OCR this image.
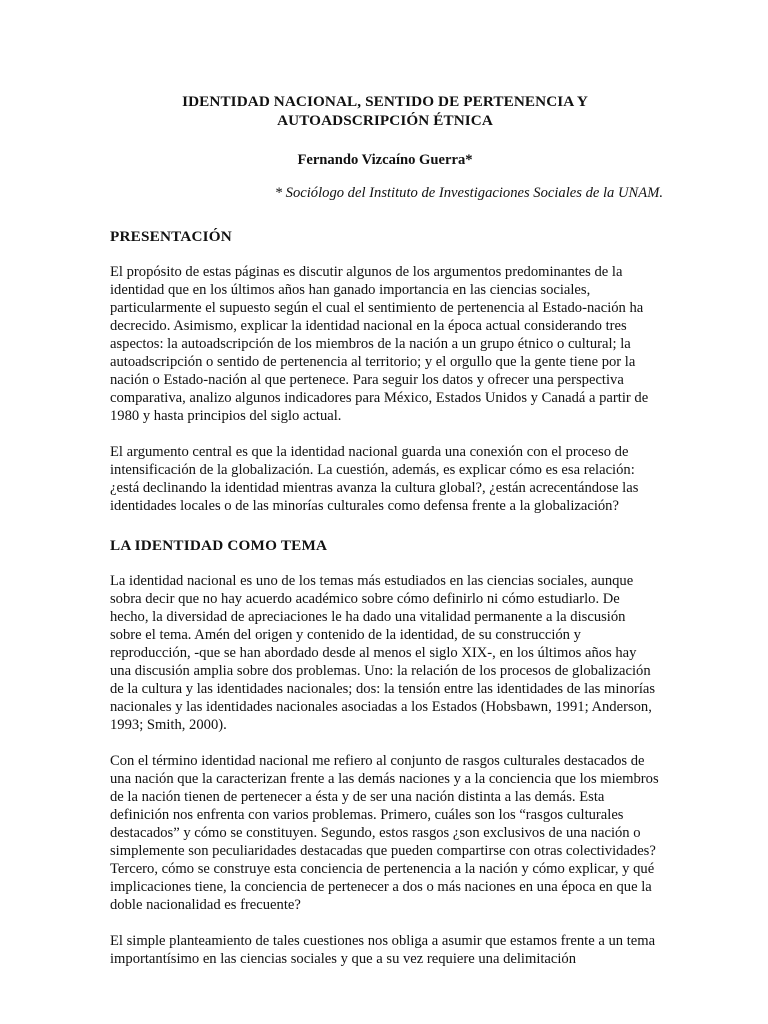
IDENTIDAD NACIONAL, SENTIDO DE PERTENENCIA Y
AUTOADSCRIPCIÓN ÉTNICA
Fernando Vizcaíno Guerra*
* Sociólogo del Instituto de Investigaciones Sociales de la UNAM.
PRESENTACIÓN

El propósito de estas páginas es discutir algunos de los argumentos predominantes de la identidad que en los últimos años han ganado importancia en las ciencias sociales, particularmente el supuesto según el cual el sentimiento de pertenencia al Estado-nación ha decrecido. Asimismo, explicar la identidad nacional en la época actual considerando tres aspectos: la autoadscripción de los miembros de la nación a un grupo étnico o cultural; la autoadscripción o sentido de pertenencia al territorio; y el orgullo que la gente tiene por la nación o Estado-nación al que pertenece. Para seguir los datos y ofrecer una perspectiva comparativa, analizo algunos indicadores para México, Estados Unidos y Canadá a partir de 1980 y hasta principios del siglo actual.

El argumento central es que la identidad nacional guarda una conexión con el proceso de intensificación de la globalización. La cuestión, además, es explicar cómo es esa relación: ¿está declinando la identidad mientras avanza la cultura global?, ¿están acrecentándose las identidades locales o de las minorías culturales como defensa frente a la globalización?

LA IDENTIDAD COMO TEMA

La identidad nacional es uno de los temas más estudiados en las ciencias sociales, aunque sobra decir que no hay acuerdo académico sobre cómo definirlo ni cómo estudiarlo. De hecho, la diversidad de apreciaciones le ha dado una vitalidad permanente a la discusión sobre el tema. Amén del origen y contenido de la identidad, de su construcción y reproducción, -que se han abordado desde al menos el siglo XIX-, en los últimos años hay una discusión amplia sobre dos problemas. Uno: la relación de los procesos de globalización de la cultura y las identidades nacionales; dos: la tensión entre las identidades de las minorías nacionales y las identidades nacionales asociadas a los Estados (Hobsbawn, 1991; Anderson, 1993; Smith, 2000).

Con el término identidad nacional me refiero al conjunto de rasgos culturales destacados de una nación que la caracterizan frente a las demás naciones y a la conciencia que los miembros de la nación tienen de pertenecer a ésta y de ser una nación distinta a las demás. Esta definición nos enfrenta con varios problemas. Primero, cuáles son los “rasgos culturales destacados” y cómo se constituyen. Segundo, estos rasgos ¿son exclusivos de una nación o simplemente son peculiaridades destacadas que pueden compartirse con otras colectividades? Tercero, cómo se construye esta conciencia de pertenencia a la nación y cómo explicar, y qué implicaciones tiene, la conciencia de pertenecer a dos o más naciones en una época en que la doble nacionalidad es frecuente?

El simple planteamiento de tales cuestiones nos obliga a asumir que estamos frente a un tema importantísimo en las ciencias sociales y que a su vez requiere una delimitación
